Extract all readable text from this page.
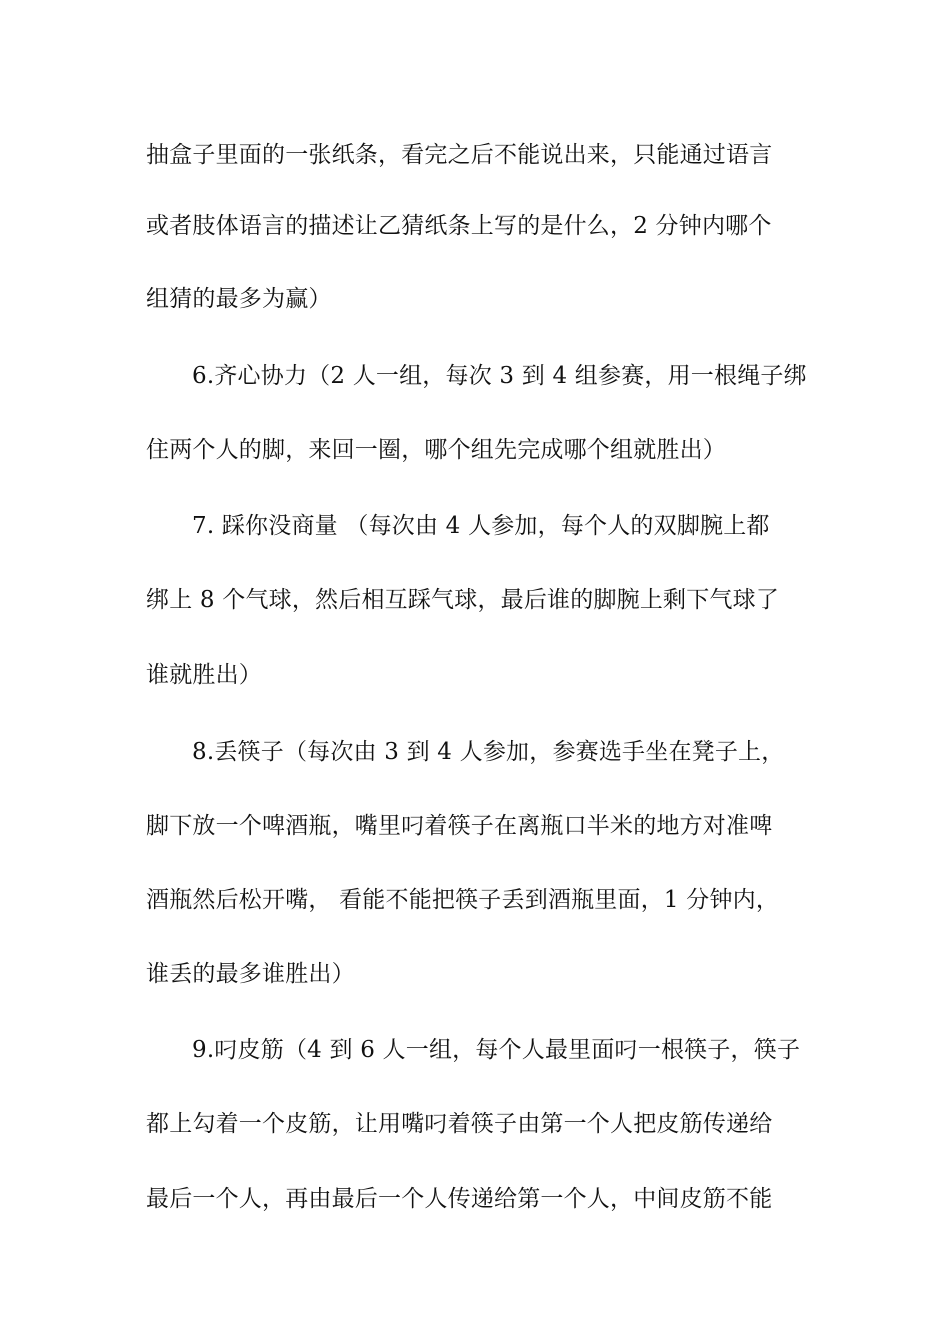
抽盒子里面的一张纸条，看完之后不能说出来，只能通过语言
或者肢体语言的描述让乙猜纸条上写的是什么，2 分钟内哪个
组猜的最多为赢）
6.齐心协力（2 人一组，每次 3 到 4 组参赛，用一根绳子绑
住两个人的脚，来回一圈，哪个组先完成哪个组就胜出）
7. 踩你没商量 （每次由 4 人参加，每个人的双脚腕上都
绑上 8 个气球，然后相互踩气球，最后谁的脚腕上剩下气球了
谁就胜出）
8.丢筷子（每次由 3 到 4 人参加，参赛选手坐在凳子上，
脚下放一个啤酒瓶，嘴里叼着筷子在离瓶口半米的地方对准啤
酒瓶然后松开嘴， 看能不能把筷子丢到酒瓶里面，1 分钟内，
谁丢的最多谁胜出）
9.叼皮筋（4 到 6 人一组，每个人最里面叼一根筷子，筷子
都上勾着一个皮筋，让用嘴叼着筷子由第一个人把皮筋传递给
最后一个人，再由最后一个人传递给第一个人，中间皮筋不能
